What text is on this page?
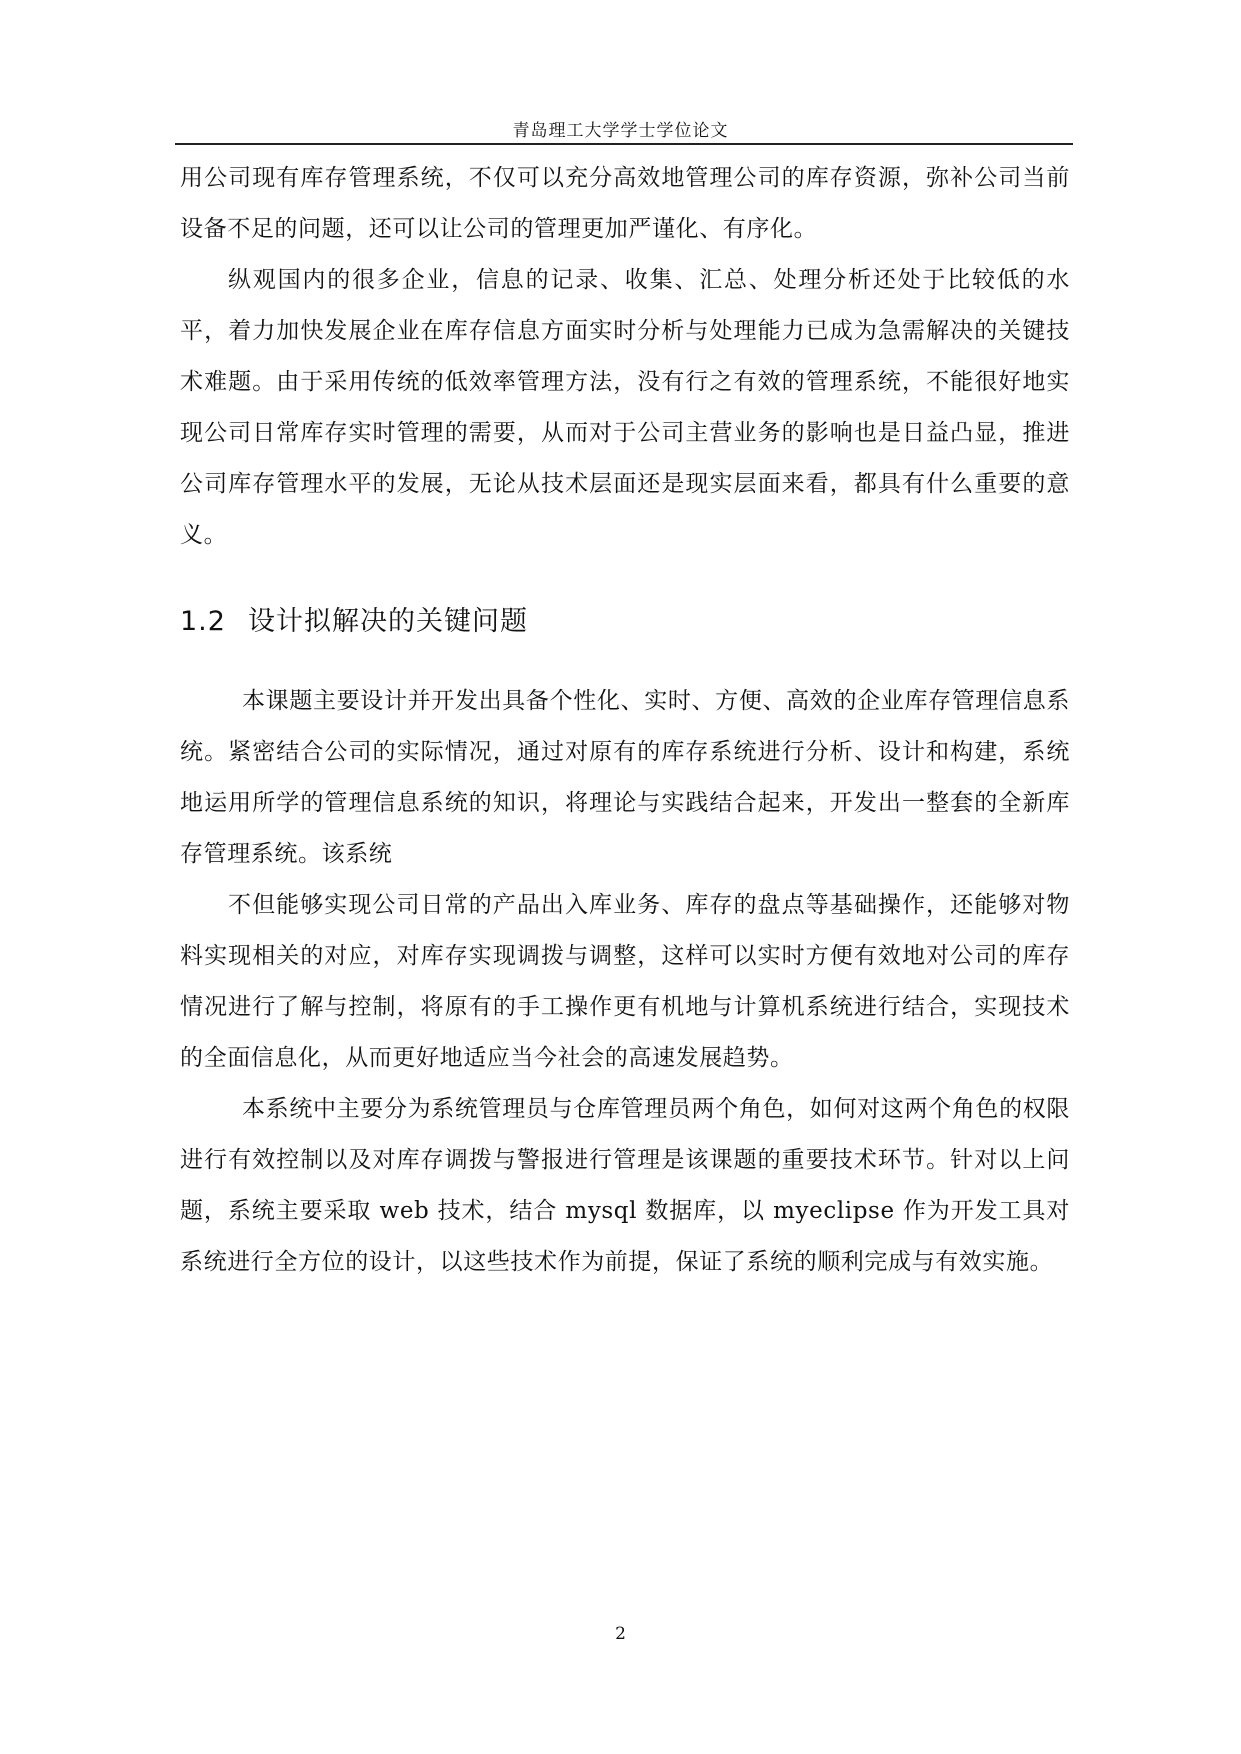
青岛理工大学学士学位论文

用公司现有库存管理系统，不仅可以充分高效地管理公司的库存资源，弥补公司当前设备不足的问题，还可以让公司的管理更加严谨化、有序化。

纵观国内的很多企业，信息的记录、收集、汇总、处理分析还处于比较低的水平，着力加快发展企业在库存信息方面实时分析与处理能力已成为急需解决的关键技术难题。由于采用传统的低效率管理方法，没有行之有效的管理系统，不能很好地实现公司日常库存实时管理的需要，从而对于公司主营业务的影响也是日益凸显，推进公司库存管理水平的发展，无论从技术层面还是现实层面来看，都具有什么重要的意义。

1.2 设计拟解决的关键问题

本课题主要设计并开发出具备个性化、实时、方便、高效的企业库存管理信息系统。紧密结合公司的实际情况，通过对原有的库存系统进行分析、设计和构建，系统地运用所学的管理信息系统的知识，将理论与实践结合起来，开发出一整套的全新库存管理系统。该系统

不但能够实现公司日常的产品出入库业务、库存的盘点等基础操作，还能够对物料实现相关的对应，对库存实现调拨与调整，这样可以实时方便有效地对公司的库存情况进行了解与控制，将原有的手工操作更有机地与计算机系统进行结合，实现技术的全面信息化，从而更好地适应当今社会的高速发展趋势。

本系统中主要分为系统管理员与仓库管理员两个角色，如何对这两个角色的权限进行有效控制以及对库存调拨与警报进行管理是该课题的重要技术环节。针对以上问题，系统主要采取 web 技术，结合 mysql 数据库，以 myeclipse 作为开发工具对系统进行全方位的设计，以这些技术作为前提，保证了系统的顺利完成与有效实施。

2
